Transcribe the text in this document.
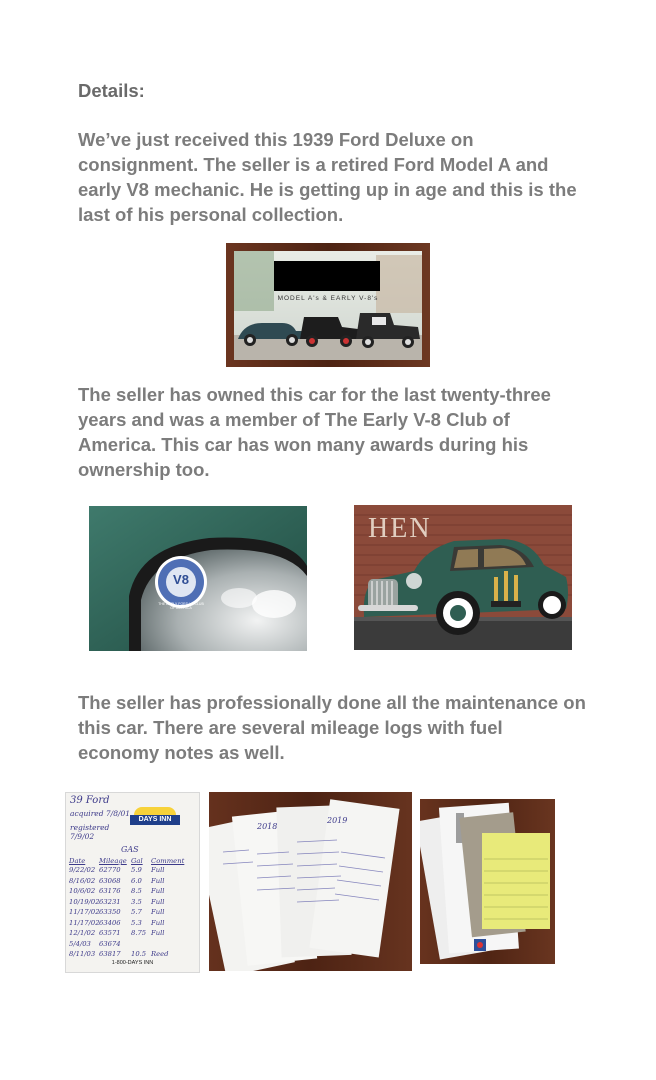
Details:

We’ve just received this 1939 Ford Deluxe on consignment. The seller is a retired Ford Model A and early V8 mechanic. He is getting up in age and this is the last of his personal collection.

MODEL A's & EARLY V-8's

The seller has owned this car for the last twenty-three years and was a member of The Early V-8 Club of America. This car has won many awards during his ownership too.

V8
THE EARLY FORD V8 CLUB OF AMERICA
HEN

The seller has professionally done all the maintenance on this car. There are several mileage logs with fuel economy notes as well.

39 Ford
acquired 7/8/01
registered 7/9/02
DAYS INN
GAS
Date	Mileage Gal	Comment
9/22/02 62770	5.9	Full
8/16/02 63068	6.0	Full
10/6/02 63176	8.5	Full
10/19/02 63231	3.5	Full
11/17/02 63350	5.7	Full
11/17/02 63406	5.3	Full
12/1/02 63571	8.75 Full
5/4/03	63674
8/11/03 63817	10.5 Reed
1-800-DAYS INN
2018
2019
